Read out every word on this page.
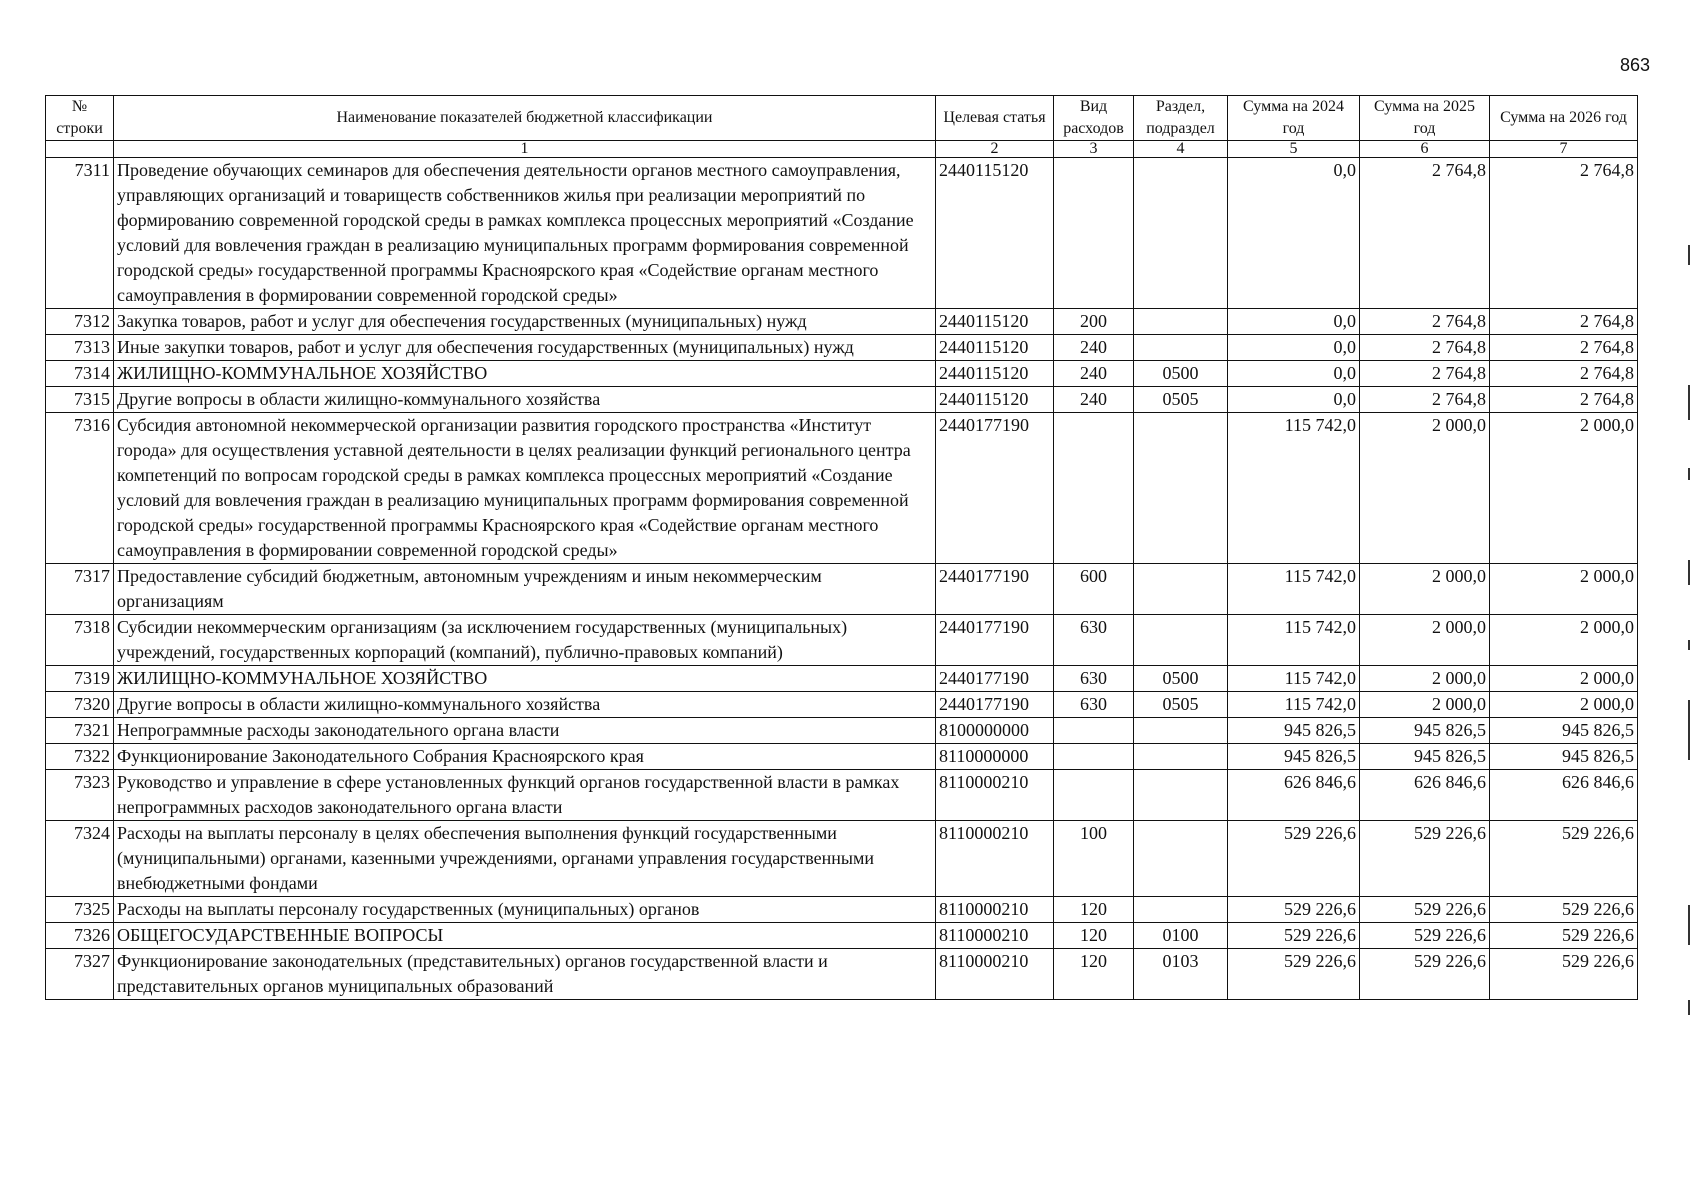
863
№ строки	Наименование показателей бюджетной классификации	Целевая статья	Вид расходов	Раздел, подраздел	Сумма на 2024 год	Сумма на 2025 год	Сумма на 2026 год
	1	2	3	4	5	6	7
7311	Проведение обучающих семинаров для обеспечения деятельности органов местного самоуправления, управляющих организаций и товариществ собственников жилья при реализации мероприятий по формированию современной городской среды в рамках комплекса процессных мероприятий «Создание условий для вовлечения граждан в реализацию муниципальных программ формирования современной городской среды» государственной программы Красноярского края «Содействие органам местного самоуправления в формировании современной городской среды»	2440115120			0,0	2 764,8	2 764,8
7312	Закупка товаров, работ и услуг для обеспечения государственных (муниципальных) нужд	2440115120	200		0,0	2 764,8	2 764,8
7313	Иные закупки товаров, работ и услуг для обеспечения государственных (муниципальных) нужд	2440115120	240		0,0	2 764,8	2 764,8
7314	ЖИЛИЩНО-КОММУНАЛЬНОЕ ХОЗЯЙСТВО	2440115120	240	0500	0,0	2 764,8	2 764,8
7315	Другие вопросы в области жилищно-коммунального хозяйства	2440115120	240	0505	0,0	2 764,8	2 764,8
7316	Субсидия автономной некоммерческой организации развития городского пространства «Институт города» для осуществления уставной деятельности в целях реализации функций регионального центра компетенций по вопросам городской среды в рамках комплекса процессных мероприятий «Создание условий для вовлечения граждан в реализацию муниципальных программ формирования современной городской среды» государственной программы Красноярского края «Содействие органам местного самоуправления в формировании современной городской среды»	2440177190			115 742,0	2 000,0	2 000,0
7317	Предоставление субсидий бюджетным, автономным учреждениям и иным некоммерческим организациям	2440177190	600		115 742,0	2 000,0	2 000,0
7318	Субсидии некоммерческим организациям (за исключением государственных (муниципальных) учреждений, государственных корпораций (компаний), публично-правовых компаний)	2440177190	630		115 742,0	2 000,0	2 000,0
7319	ЖИЛИЩНО-КОММУНАЛЬНОЕ ХОЗЯЙСТВО	2440177190	630	0500	115 742,0	2 000,0	2 000,0
7320	Другие вопросы в области жилищно-коммунального хозяйства	2440177190	630	0505	115 742,0	2 000,0	2 000,0
7321	Непрограммные расходы законодательного органа власти	8100000000			945 826,5	945 826,5	945 826,5
7322	Функционирование Законодательного Собрания Красноярского края	8110000000			945 826,5	945 826,5	945 826,5
7323	Руководство и управление в сфере установленных функций органов государственной власти в рамках непрограммных расходов законодательного органа власти	8110000210			626 846,6	626 846,6	626 846,6
7324	Расходы на выплаты персоналу в целях обеспечения выполнения функций государственными (муниципальными) органами, казенными учреждениями, органами управления государственными внебюджетными фондами	8110000210	100		529 226,6	529 226,6	529 226,6
7325	Расходы на выплаты персоналу государственных (муниципальных) органов	8110000210	120		529 226,6	529 226,6	529 226,6
7326	ОБЩЕГОСУДАРСТВЕННЫЕ ВОПРОСЫ	8110000210	120	0100	529 226,6	529 226,6	529 226,6
7327	Функционирование законодательных (представительных) органов государственной власти и представительных органов муниципальных образований	8110000210	120	0103	529 226,6	529 226,6	529 226,6
